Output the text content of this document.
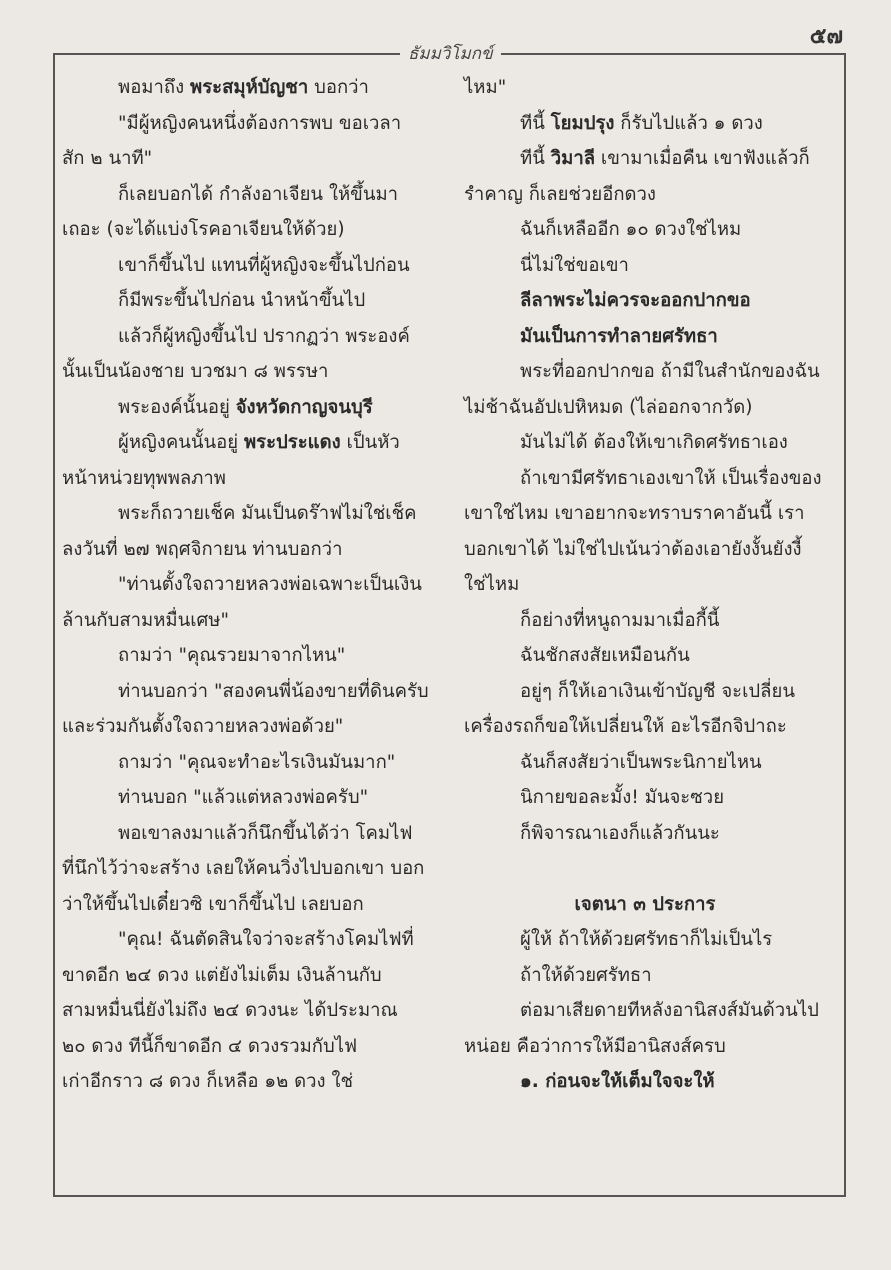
๕๗
ธัมมวิโมกข์

พอมาถึง พระสมุห์บัญชา บอกว่า

"มีผู้หญิงคนหนึ่งต้องการพบ ขอเวลา

สัก ๒ นาที"

ก็เลยบอกได้ กำลังอาเจียน ให้ขึ้นมา

เถอะ (จะได้แบ่งโรคอาเจียนให้ด้วย)

เขาก็ขึ้นไป แทนที่ผู้หญิงจะขึ้นไปก่อน

ก็มีพระขึ้นไปก่อน นำหน้าขึ้นไป

แล้วก็ผู้หญิงขึ้นไป ปรากฏว่า พระองค์

นั้นเป็นน้องชาย บวชมา ๘ พรรษา

พระองค์นั้นอยู่ จังหวัดกาญจนบุรี

ผู้หญิงคนนั้นอยู่ พระประแดง เป็นหัว

หน้าหน่วยทุพพลภาพ

พระก็ถวายเช็ค มันเป็นดร๊าฟไม่ใช่เช็ค

ลงวันที่ ๒๗ พฤศจิกายน ท่านบอกว่า

"ท่านตั้งใจถวายหลวงพ่อเฉพาะเป็นเงิน

ล้านกับสามหมื่นเศษ"

ถามว่า "คุณรวยมาจากไหน"

ท่านบอกว่า "สองคนพี่น้องขายที่ดินครับ

และร่วมกันตั้งใจถวายหลวงพ่อด้วย"

ถามว่า "คุณจะทำอะไรเงินมันมาก"

ท่านบอก "แล้วแต่หลวงพ่อครับ"

พอเขาลงมาแล้วก็นึกขึ้นได้ว่า โคมไฟ

ที่นึกไว้ว่าจะสร้าง เลยให้คนวิ่งไปบอกเขา บอก

ว่าให้ขึ้นไปเดี๋ยวซิ เขาก็ขึ้นไป เลยบอก

"คุณ! ฉันตัดสินใจว่าจะสร้างโคมไฟที่

ขาดอีก ๒๔ ดวง แต่ยังไม่เต็ม เงินล้านกับ

สามหมื่นนี่ยังไม่ถึง ๒๔ ดวงนะ ได้ประมาณ

๒๐ ดวง ทีนี้ก็ขาดอีก ๔ ดวงรวมกับไฟ

เก่าอีกราว ๘ ดวง ก็เหลือ ๑๒ ดวง ใช่

ไหม"

ทีนี้ โยมปรุง ก็รับไปแล้ว ๑ ดวง

ทีนี้ วิมาลี เขามาเมื่อคืน เขาฟังแล้วก็

รำคาญ ก็เลยช่วยอีกดวง

ฉันก็เหลืออีก ๑๐ ดวงใช่ไหม

นี่ไม่ใช่ขอเขา

ลีลาพระไม่ควรจะออกปากขอ

มันเป็นการทำลายศรัทธา

พระที่ออกปากขอ ถ้ามีในสำนักของฉัน

ไม่ช้าฉันอัปเปหิหมด (ไล่ออกจากวัด)

มันไม่ได้ ต้องให้เขาเกิดศรัทธาเอง

ถ้าเขามีศรัทธาเองเขาให้ เป็นเรื่องของ

เขาใช่ไหม เขาอยากจะทราบราคาอันนี้ เรา

บอกเขาได้ ไม่ใช่ไปเน้นว่าต้องเอายังงั้นยังงี้

ใช่ไหม

ก็อย่างที่หนูถามมาเมื่อกี้นี้

ฉันชักสงสัยเหมือนกัน

อยู่ๆ ก็ให้เอาเงินเข้าบัญชี จะเปลี่ยน

เครื่องรถก็ขอให้เปลี่ยนให้ อะไรอีกจิปาถะ

ฉันก็สงสัยว่าเป็นพระนิกายไหน

นิกายขอละมั้ง! มันจะซวย

ก็พิจารณาเองก็แล้วกันนะ

เจตนา ๓ ประการ

ผู้ให้ ถ้าให้ด้วยศรัทธาก็ไม่เป็นไร

ถ้าให้ด้วยศรัทธา

ต่อมาเสียดายทีหลังอานิสงส์มันด้วนไป

หน่อย คือว่าการให้มีอานิสงส์ครบ

๑. ก่อนจะให้เต็มใจจะให้
